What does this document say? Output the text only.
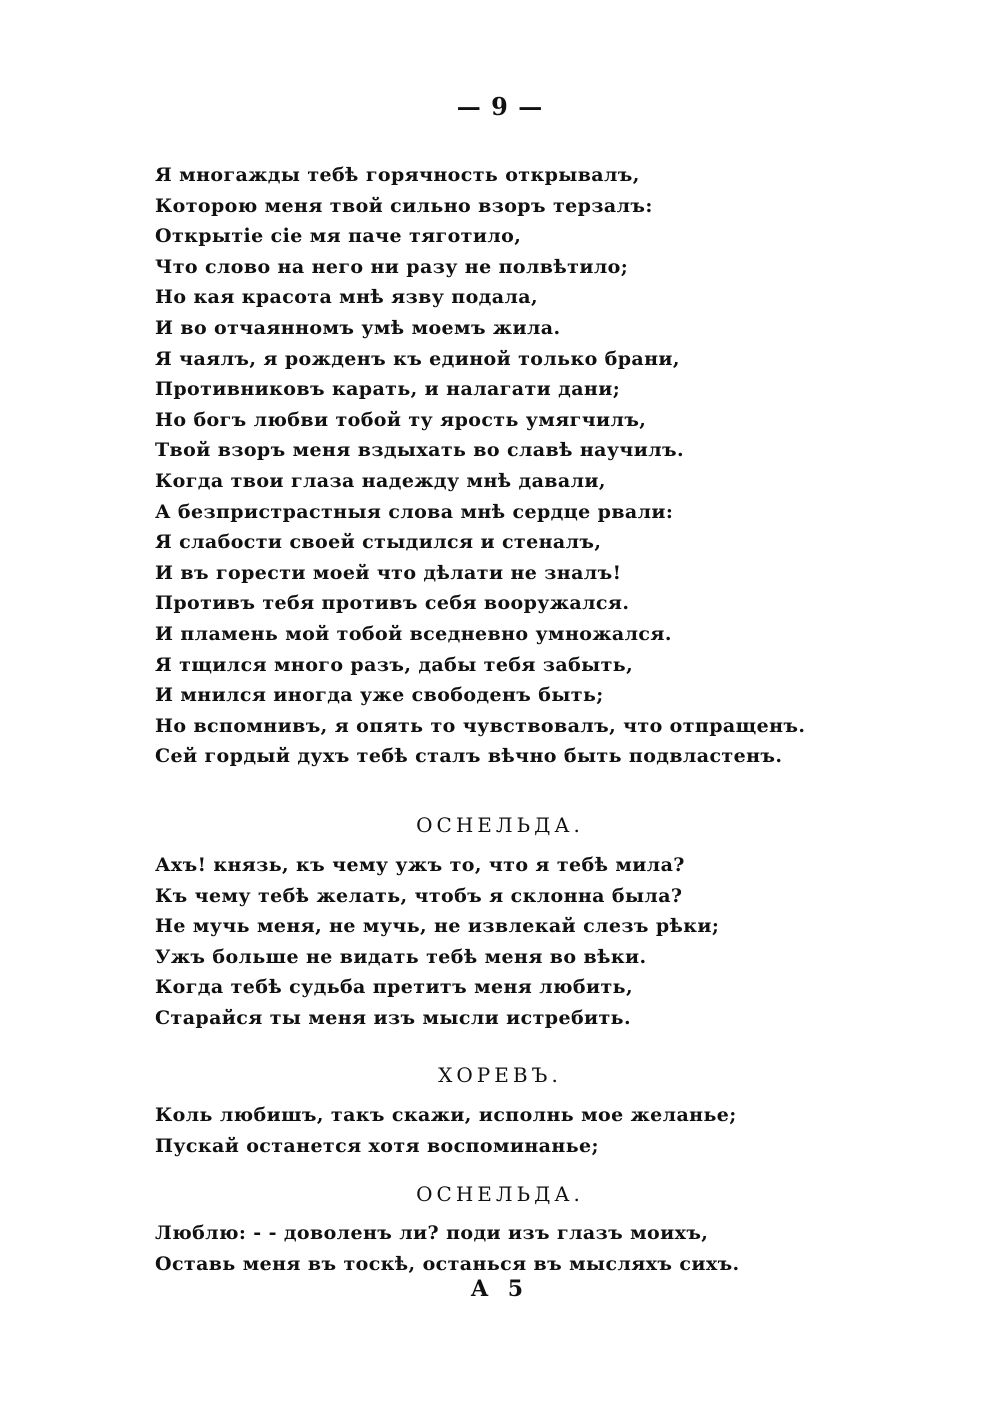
— 9 —
Я многажды тебѣ горячность открывалъ,
Которою меня твой сильно взоръ терзалъ:
Открытіе сіе мя паче тяготило,
Что слово на него ни разу не полвѣтило;
Но кая красота мнѣ язву подала,
И во отчаянномъ умѣ моемъ жила.
Я чаялъ, я рожденъ къ единой только брани,
Противниковъ карать, и налагати дани;
Но богъ любви тобой ту ярость умягчилъ,
Твой взоръ меня вздыхать во славѣ научилъ.
Когда твои глаза надежду мнѣ давали,
А безпристрастныя слова мнѣ сердце рвали:
Я слабости своей стыдился и стеналъ,
И въ горести моей что дѣлати не зналъ!
Противъ тебя противъ себя вооружался.
И пламень мой тобой вседневно умножался.
Я тщился много разъ, дабы тебя забыть,
И мнился иногда уже свободенъ быть;
Но вспомнивъ, я опять то чувствовалъ, что отпращенъ.
Сей гордый духъ тебѣ сталъ вѣчно быть подвластенъ.
ОСНЕЛЬДА.
Ахъ! князь, къ чему ужъ то, что я тебѣ мила?
Къ чему тебѣ желать, чтобъ я склонна была?
Не мучь меня, не мучь, не извлекай слезъ рѣки;
Ужъ больше не видать тебѣ меня во вѣки.
Когда тебѣ судьба претитъ меня любить,
Старайся ты меня изъ мысли истребить.
ХОРЕВЪ.
Коль любишъ, такъ скажи, исполнь мое желанье;
Пускай останется хотя воспоминанье;
ОСНЕЛЬДА.
Люблю: - - доволенъ ли? поди изъ глазъ моихъ,
Оставь меня въ тоскѣ, останься въ мысляхъ сихъ.
A 5
